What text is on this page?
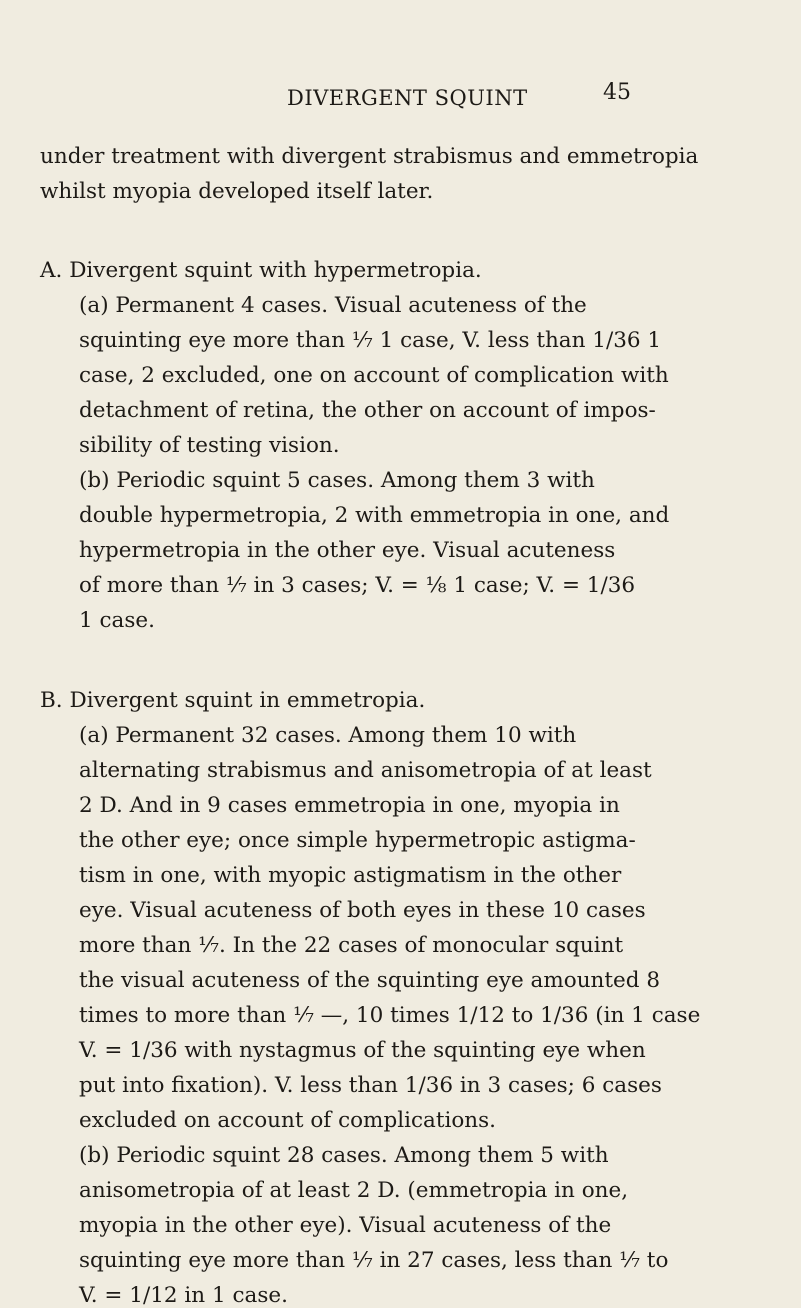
DIVERGENT SQUINT	45
under treatment with divergent strabismus and emmetropia
whilst myopia developed itself later.
A. Divergent squint with hypermetropia.
(a) Permanent 4 cases. Visual acuteness of the
squinting eye more than ⅐ 1 case, V. less than 1/36 1
case, 2 excluded, one on account of complication with
detachment of retina, the other on account of impos-
sibility of testing vision.
(b) Periodic squint 5 cases. Among them 3 with
double hypermetropia, 2 with emmetropia in one, and
hypermetropia in the other eye. Visual acuteness
of more than ⅐ in 3 cases; V. = ⅛ 1 case; V. = 1/36
1 case.
B. Divergent squint in emmetropia.
(a) Permanent 32 cases. Among them 10 with
alternating strabismus and anisometropia of at least
2 D. And in 9 cases emmetropia in one, myopia in
the other eye; once simple hypermetropic astigma-
tism in one, with myopic astigmatism in the other
eye. Visual acuteness of both eyes in these 10 cases
more than ⅐. In the 22 cases of monocular squint
the visual acuteness of the squinting eye amounted 8
times to more than ⅐ —, 10 times 1/12 to 1/36 (in 1 case
V. = 1/36 with nystagmus of the squinting eye when
put into fixation). V. less than 1/36 in 3 cases; 6 cases
excluded on account of complications.
(b) Periodic squint 28 cases. Among them 5 with
anisometropia of at least 2 D. (emmetropia in one,
myopia in the other eye). Visual acuteness of the
squinting eye more than ⅐ in 27 cases, less than ⅐ to
V. = 1/12 in 1 case.
